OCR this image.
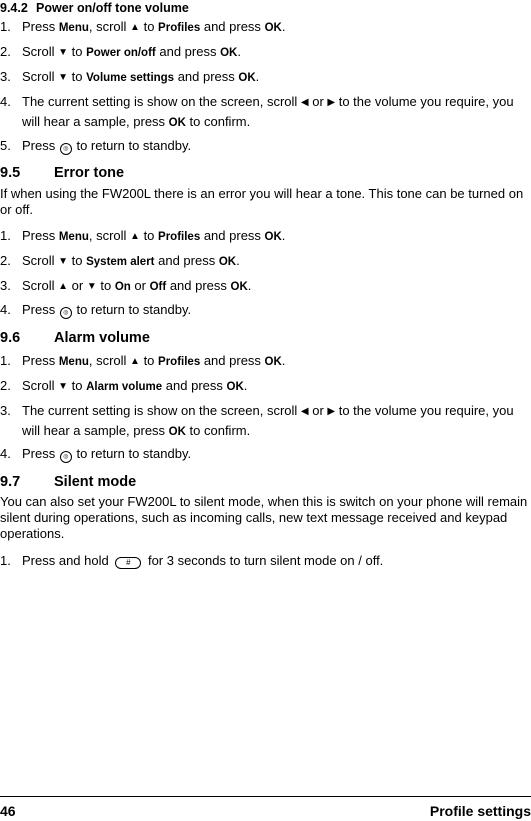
9.4.2 Power on/off tone volume
1. Press Menu, scroll ▲ to Profiles and press OK.
2. Scroll ▼ to Power on/off and press OK.
3. Scroll ▼ to Volume settings and press OK.
4. The current setting is show on the screen, scroll ◀ or ▶ to the volume you require, you will hear a sample, press OK to confirm.
5. Press ◎ to return to standby.
9.5 Error tone
If when using the FW200L there is an error you will hear a tone. This tone can be turned on or off.
1. Press Menu, scroll ▲ to Profiles and press OK.
2. Scroll ▼ to System alert and press OK.
3. Scroll ▲ or ▼ to On or Off and press OK.
4. Press ◎ to return to standby.
9.6 Alarm volume
1. Press Menu, scroll ▲ to Profiles and press OK.
2. Scroll ▼ to Alarm volume and press OK.
3. The current setting is show on the screen, scroll ◀ or ▶ to the volume you require, you will hear a sample, press OK to confirm.
4. Press ◎ to return to standby.
9.7 Silent mode
You can also set your FW200L to silent mode, when this is switch on your phone will remain silent during operations, such as incoming calls, new text message received and keypad operations.
1. Press and hold # for 3 seconds to turn silent mode on / off.
46	Profile settings
